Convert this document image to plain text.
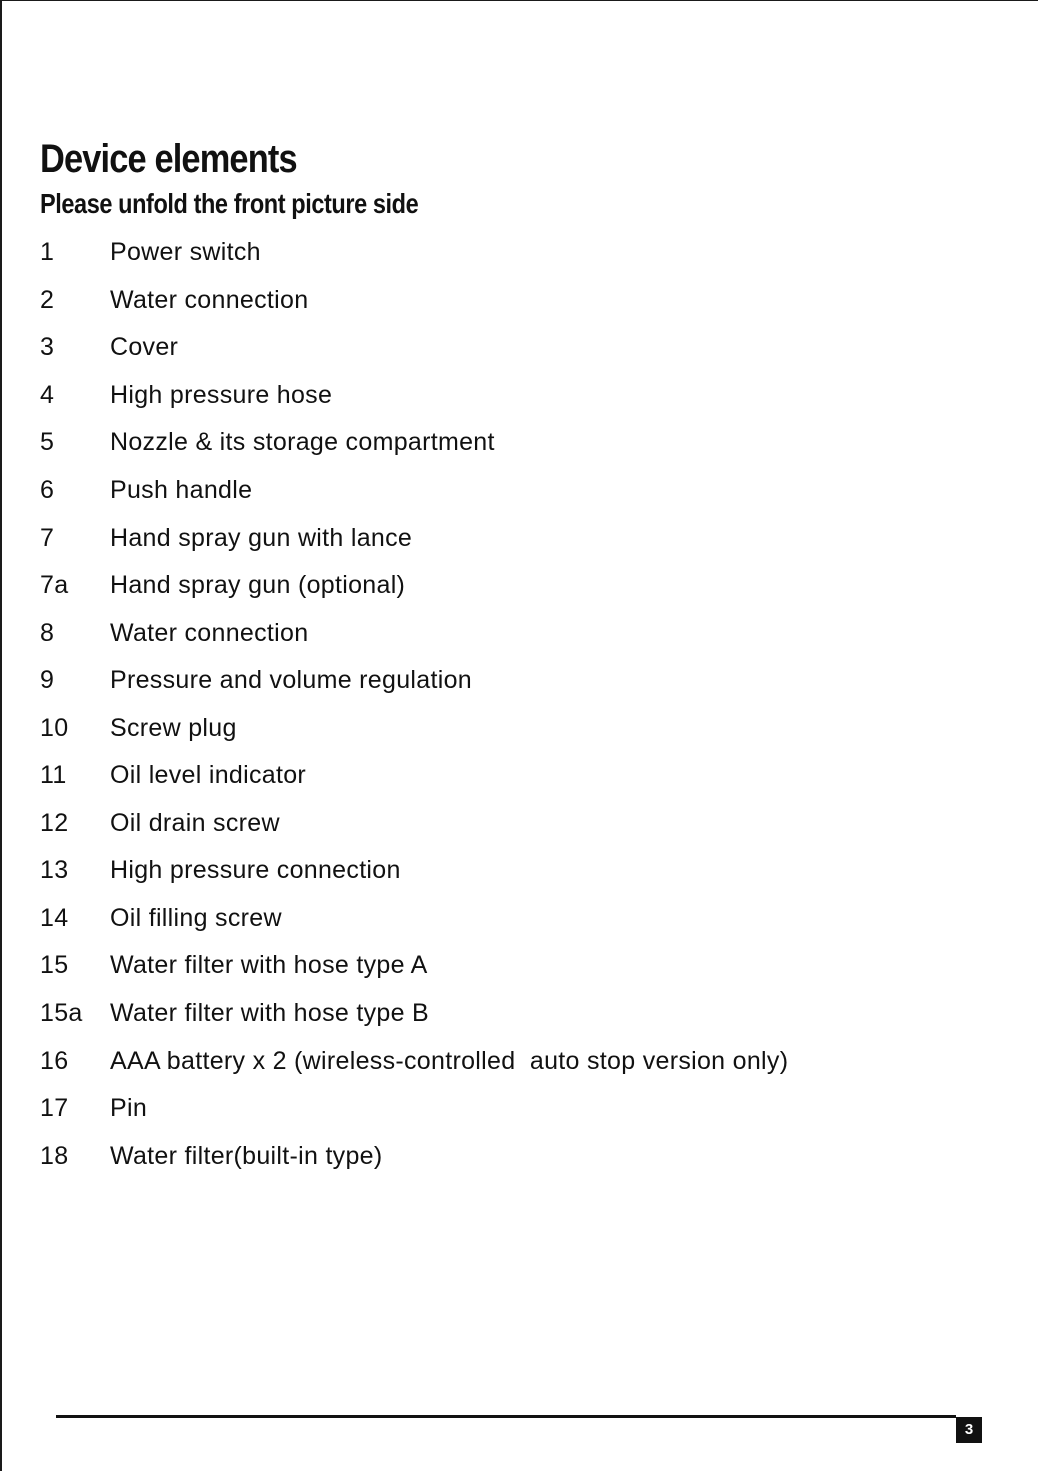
Device elements
Please unfold the front picture side
1	Power switch
2	Water connection
3	Cover
4	High pressure hose
5	Nozzle & its storage compartment
6	Push handle
7	Hand spray gun with lance
7a	Hand spray gun (optional)
8	Water connection
9	Pressure and volume regulation
10	Screw plug
11	Oil level indicator
12	Oil drain screw
13	High pressure connection
14	Oil filling screw
15	Water filter with hose type A
15a	Water filter with hose type B
16	AAA battery x 2 (wireless-controlled  auto stop version only)
17	Pin
18	Water filter(built-in type)
3
